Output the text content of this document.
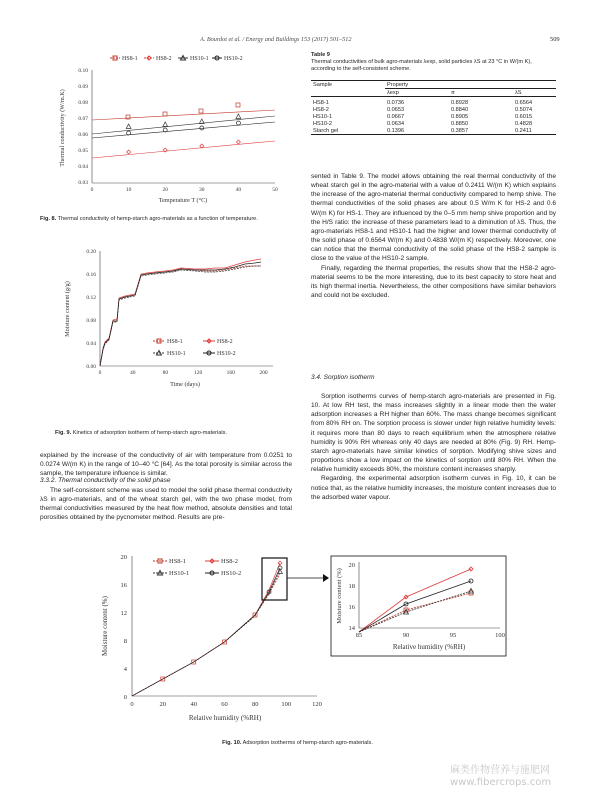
A. Bourdot et al. / Energy and Buildings 153 (2017) 501–512	509
HS8-1	HS8-2	HS10-1	HS10-2
0.10
0.09
0.08
0.07
0.06
0.05
0.04
0.03
0	10	20	30	40	50
Temperature T (°C)
Thermal conductivity (W/m.K)
Fig. 8. Thermal conductivity of hemp-starch agro-materials as a function of temperature.
0.20
0.16
0.12
0.08
0.04
0.00
0	40	80	120	160	200
Time (days)
Moisture content (g/g)
HS8-1	HS8-2
HS10-1	HS10-2
Fig. 9. Kinetics of adsorption isotherm of hemp-starch agro-materials.

explained by the increase of the conductivity of air with temperature from 0.0251 to 0.0274 W/(m K) in the range of 10–40 °C [64]. As the total porosity is similar across the sample, the temperature influence is similar.

3.3.2. Thermal conductivity of the solid phase

The self-consistent scheme was used to model the solid phase thermal conductivity λS in agro-materials, and of the wheat starch gel, with the two phase model, from thermal conductivities measured by the heat flow method, absolute densities and total porosities obtained by the pycnometer method. Results are pre-

Table 9
Thermal conductivities of bulk agro-materials λexp, solid particles λS at 23 °C in W/(m K), according to the self-consistent scheme.
Sample	Property		
	λexp	π	λS

HS8-1	0.0736	0.8928	0.6564
HS8-2	0.0653	0.8840	0.5074
HS10-1	0.0667	0.8905	0.6015
HS10-2	0.0634	0.8850	0.4828
Starch gel	0.1396	0.3857	0.2411

sented in Table 9. The model allows obtaining the real thermal conductivity of the wheat starch gel in the agro-material with a value of 0.2411 W/(m K) which explains the increase of the agro-material thermal conductivity compared to hemp shive. The thermal conductivities of the solid phases are about 0.5 W/m K for HS-2 and 0.6 W/(m K) for HS-1. They are influenced by the 0–5 mm hemp shive proportion and by the H/S ratio: the increase of these parameters lead to a diminution of λS. Thus, the agro-materials HS8-1 and HS10-1 had the higher and lower thermal conductivity of the solid phase of 0.6564 W/(m K) and 0.4838 W/(m K) respectively. Moreover, one can notice that the thermal conductivity of the solid phase of the HS8-2 sample is close to the value of the HS10-2 sample.

Finally, regarding the thermal properties, the results show that the HS8-2 agro-material seems to be the more interesting, due to its best capacity to store heat and its high thermal inertia. Nevertheless, the other compositions have similar behaviors and could not be excluded.

3.4. Sorption isotherm

Sorption isotherms curves of hemp-starch agro-materials are presented in Fig. 10. At low RH test, the mass increases slightly in a linear mode then the water adsorption increases a RH higher than 60%. The mass change becomes significant from 80% RH on. The sorption process is slower under high relative humidity levels: it requires more than 80 days to reach equilibrium when the atmosphere relative humidity is 90% RH whereas only 40 days are needed at 80% (Fig. 9) RH. Hemp-starch agro-materials have similar kinetics of sorption. Modifying shive sizes and proportions show a low impact on the kinetics of sorption until 80% RH. When the relative humidity exceeds 80%, the moisture content increases sharply.

Regarding, the experimental adsorption isotherm curves in Fig. 10, it can be notice that, as the relative humidity increases, the moisture content increases due to the adsorbed water vapour.

20
16
12
8
4
0
0	20	40	60	80	100	120
Relative humidity (%RH)
Moisture content (%)
HS8-1	HS8-2
HS10-1	HS10-2
20
18
16
14
85	90	95	100
Relative humidity (%RH)
Moisture content (%)
Fig. 10. Adsorption isotherms of hemp-starch agro-materials.
麻类作物营养与施肥网 www.fibercrops.com
